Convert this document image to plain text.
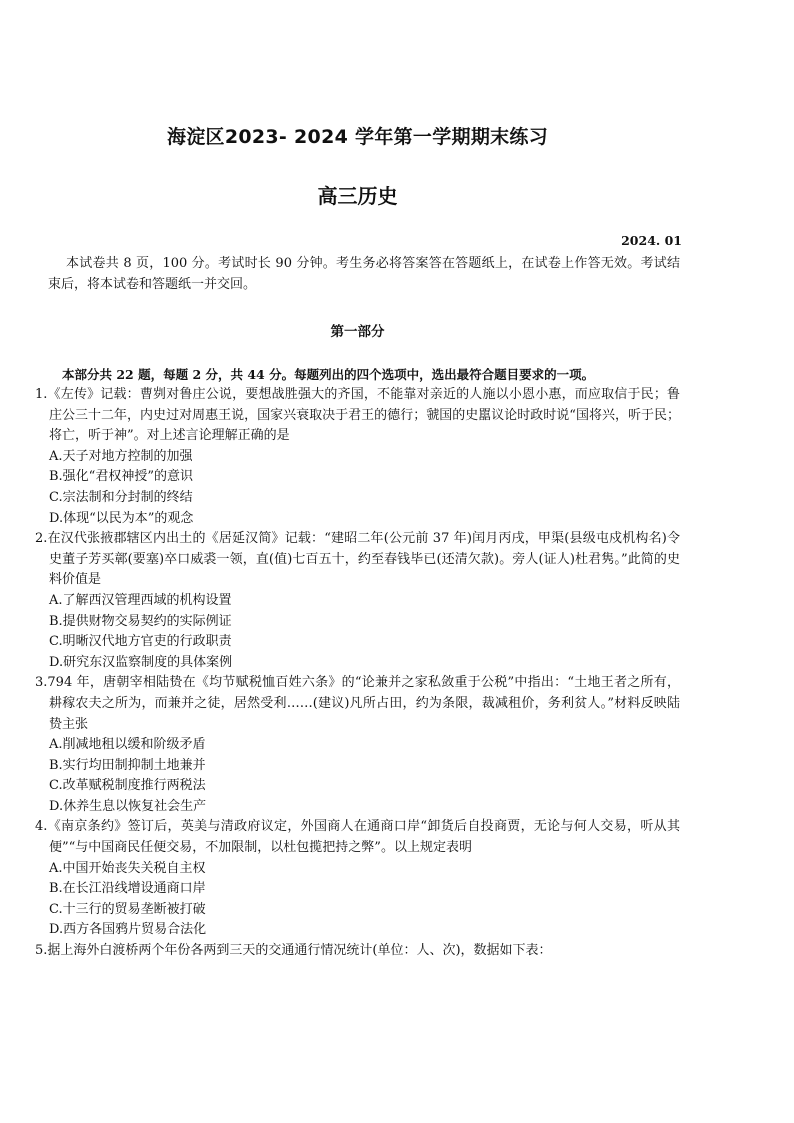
海淀区2023- 2024 学年第一学期期末练习
高三历史
2024. 01
本试卷共 8 页，100 分。考试时长 90 分钟。考生务必将答案答在答题纸上，在试卷上作答无效。考试结束后，将本试卷和答题纸一并交回。
第一部分
本部分共 22 题，每题 2 分，共 44 分。每题列出的四个选项中，选出最符合题目要求的一项。
1.《左传》记载：曹刿对鲁庄公说，要想战胜强大的齐国，不能靠对亲近的人施以小恩小惠，而应取信于民；鲁庄公三十二年，内史过对周惠王说，国家兴衰取决于君王的德行；虢国的史嚚议论时政时说“国将兴，听于民；将亡，听于神”。对上述言论理解正确的是
A.天子对地方控制的加强
B.强化“君权神授”的意识
C.宗法制和分封制的终结
D.体现“以民为本”的观念
2.在汉代张掖郡辖区内出土的《居延汉简》记载：“建昭二年(公元前 37 年)闰月丙戌，甲渠(县级屯戍机构名)令史董子芳买鄣(要塞)卒口威裘一领，直(值)七百五十，约至春钱毕已(还清欠款)。旁人(证人)杜君隽。”此简的史料价值是
A.了解西汉管理西域的机构设置
B.提供财物交易契约的实际例证
C.明晰汉代地方官吏的行政职责
D.研究东汉监察制度的具体案例
3.794 年，唐朝宰相陆贽在《均节赋税恤百姓六条》的“论兼并之家私敛重于公税”中指出：“土地王者之所有，耕稼农夫之所为，而兼并之徒，居然受利……(建议)凡所占田，约为条限，裁减租价，务利贫人。”材料反映陆贽主张
A.削减地租以缓和阶级矛盾
B.实行均田制抑制土地兼并
C.改革赋税制度推行两税法
D.休养生息以恢复社会生产
4.《南京条约》签订后，英美与清政府议定，外国商人在通商口岸“卸货后自投商贾，无论与何人交易，听从其便”“与中国商民任便交易，不加限制，以杜包揽把持之弊”。以上规定表明
A.中国开始丧失关税自主权
B.在长江沿线增设通商口岸
C.十三行的贸易垄断被打破
D.西方各国鸦片贸易合法化
5.据上海外白渡桥两个年份各两到三天的交通通行情况统计(单位：人、次)，数据如下表：
